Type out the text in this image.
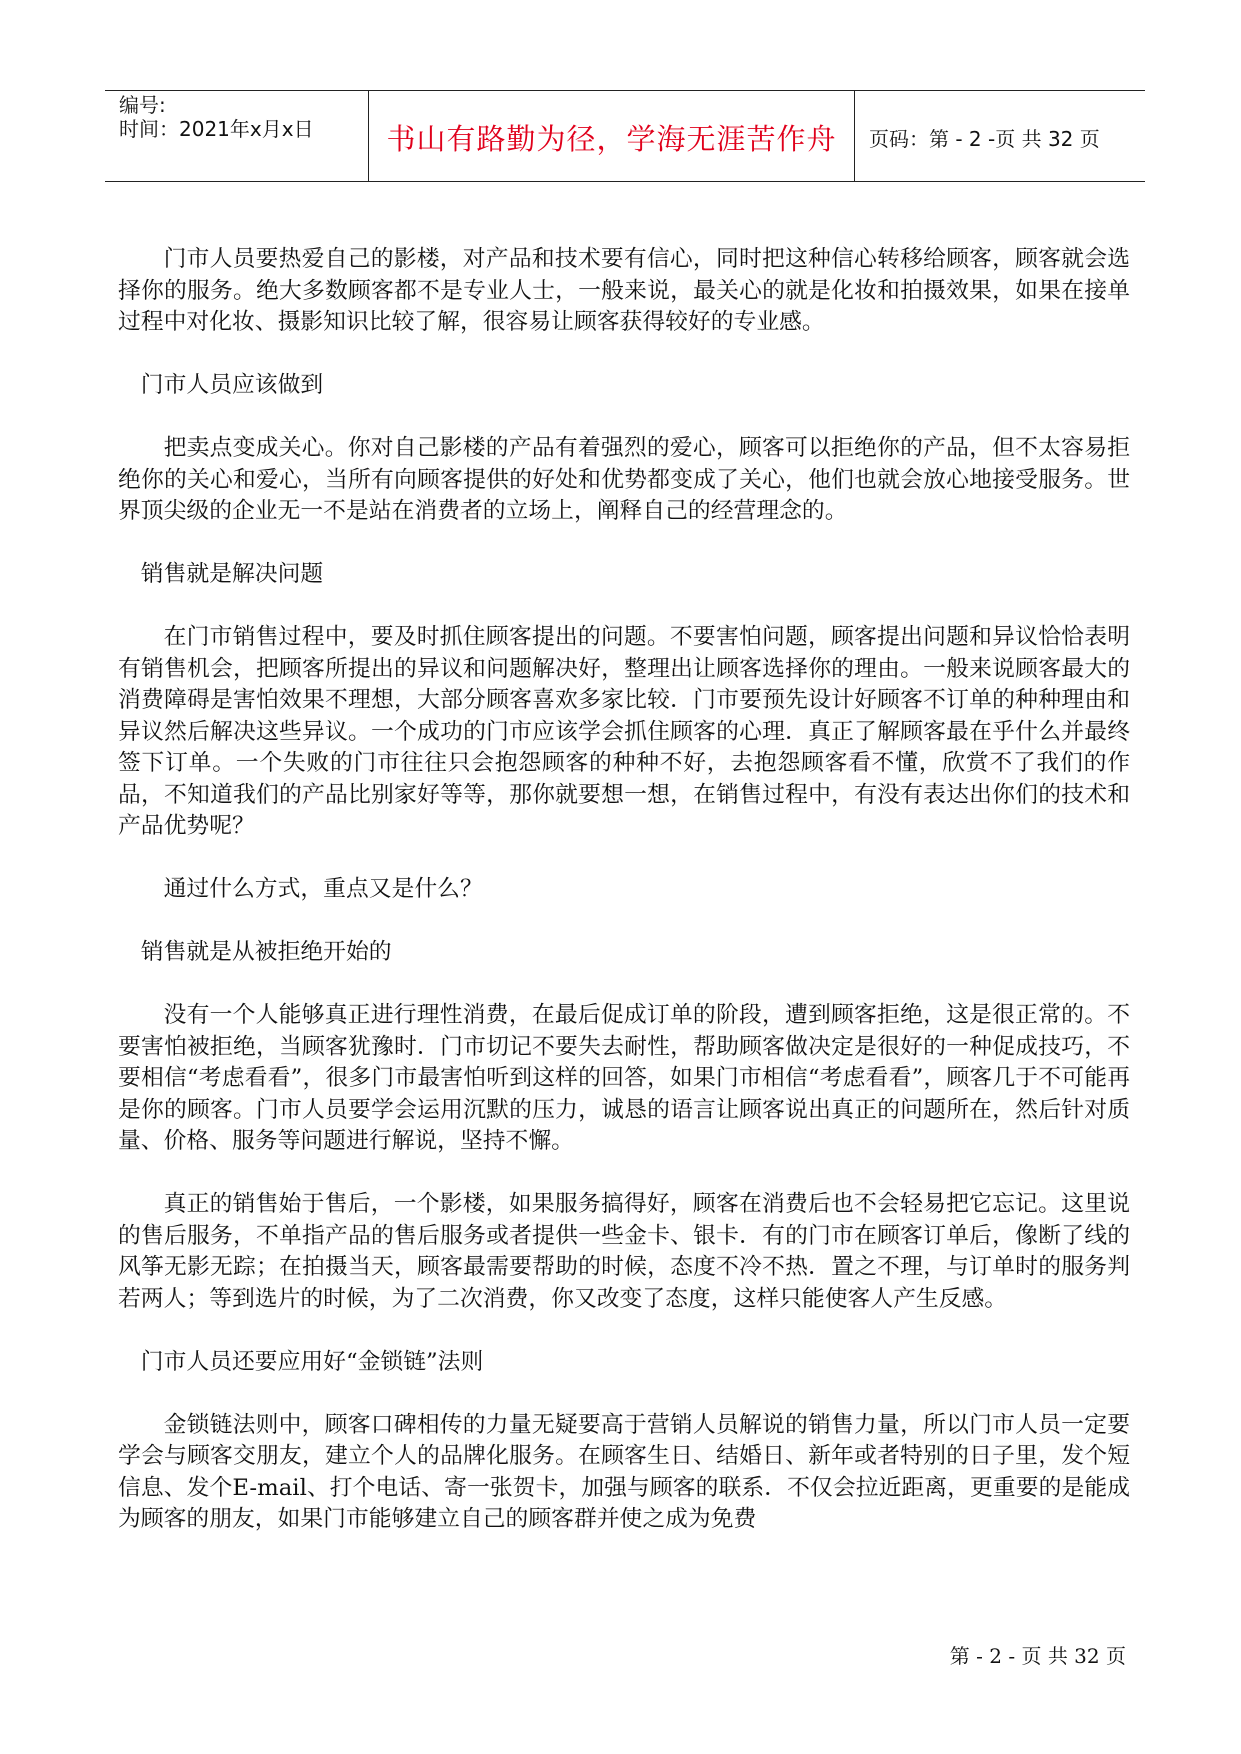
编号:
时间：2021年x月x日	书山有路勤为径，学海无涯苦作舟	页码：第 - 2 -页 共 32 页

门市人员要热爱自己的影楼，对产品和技术要有信心，同时把这种信心转移给顾客，顾客就会选择你的服务。绝大多数顾客都不是专业人士，一般来说，最关心的就是化妆和拍摄效果，如果在接单过程中对化妆、摄影知识比较了解，很容易让顾客获得较好的专业感。

门市人员应该做到

把卖点变成关心。你对自己影楼的产品有着强烈的爱心，顾客可以拒绝你的产品，但不太容易拒绝你的关心和爱心，当所有向顾客提供的好处和优势都变成了关心，他们也就会放心地接受服务。世界顶尖级的企业无一不是站在消费者的立场上，阐释自己的经营理念的。

销售就是解决问题

在门市销售过程中，要及时抓住顾客提出的问题。不要害怕问题，顾客提出问题和异议恰恰表明有销售机会，把顾客所提出的异议和问题解决好，整理出让顾客选择你的理由。一般来说顾客最大的消费障碍是害怕效果不理想，大部分顾客喜欢多家比较．门市要预先设计好顾客不订单的种种理由和异议然后解决这些异议。一个成功的门市应该学会抓住顾客的心理．真正了解顾客最在乎什么并最终签下订单。一个失败的门市往往只会抱怨顾客的种种不好，去抱怨顾客看不懂，欣赏不了我们的作品，不知道我们的产品比别家好等等，那你就要想一想，在销售过程中，有没有表达出你们的技术和产品优势呢？

通过什么方式，重点又是什么？

销售就是从被拒绝开始的

没有一个人能够真正进行理性消费，在最后促成订单的阶段，遭到顾客拒绝，这是很正常的。不要害怕被拒绝，当顾客犹豫时．门市切记不要失去耐性，帮助顾客做决定是很好的一种促成技巧，不要相信“考虑看看”，很多门市最害怕听到这样的回答，如果门市相信“考虑看看”，顾客几于不可能再是你的顾客。门市人员要学会运用沉默的压力，诚恳的语言让顾客说出真正的问题所在，然后针对质量、价格、服务等问题进行解说，坚持不懈。

真正的销售始于售后，一个影楼，如果服务搞得好，顾客在消费后也不会轻易把它忘记。这里说的售后服务，不单指产品的售后服务或者提供一些金卡、银卡．有的门市在顾客订单后，像断了线的风筝无影无踪；在拍摄当天，顾客最需要帮助的时候，态度不冷不热．置之不理，与订单时的服务判若两人；等到选片的时候，为了二次消费，你又改变了态度，这样只能使客人产生反感。

门市人员还要应用好“金锁链”法则

金锁链法则中，顾客口碑相传的力量无疑要高于营销人员解说的销售力量，所以门市人员一定要学会与顾客交朋友，建立个人的品牌化服务。在顾客生日、结婚日、新年或者特别的日子里，发个短信息、发个E-mail、打个电话、寄一张贺卡，加强与顾客的联系．不仅会拉近距离，更重要的是能成为顾客的朋友，如果门市能够建立自己的顾客群并使之成为免费

第 - 2 - 页 共 32 页
